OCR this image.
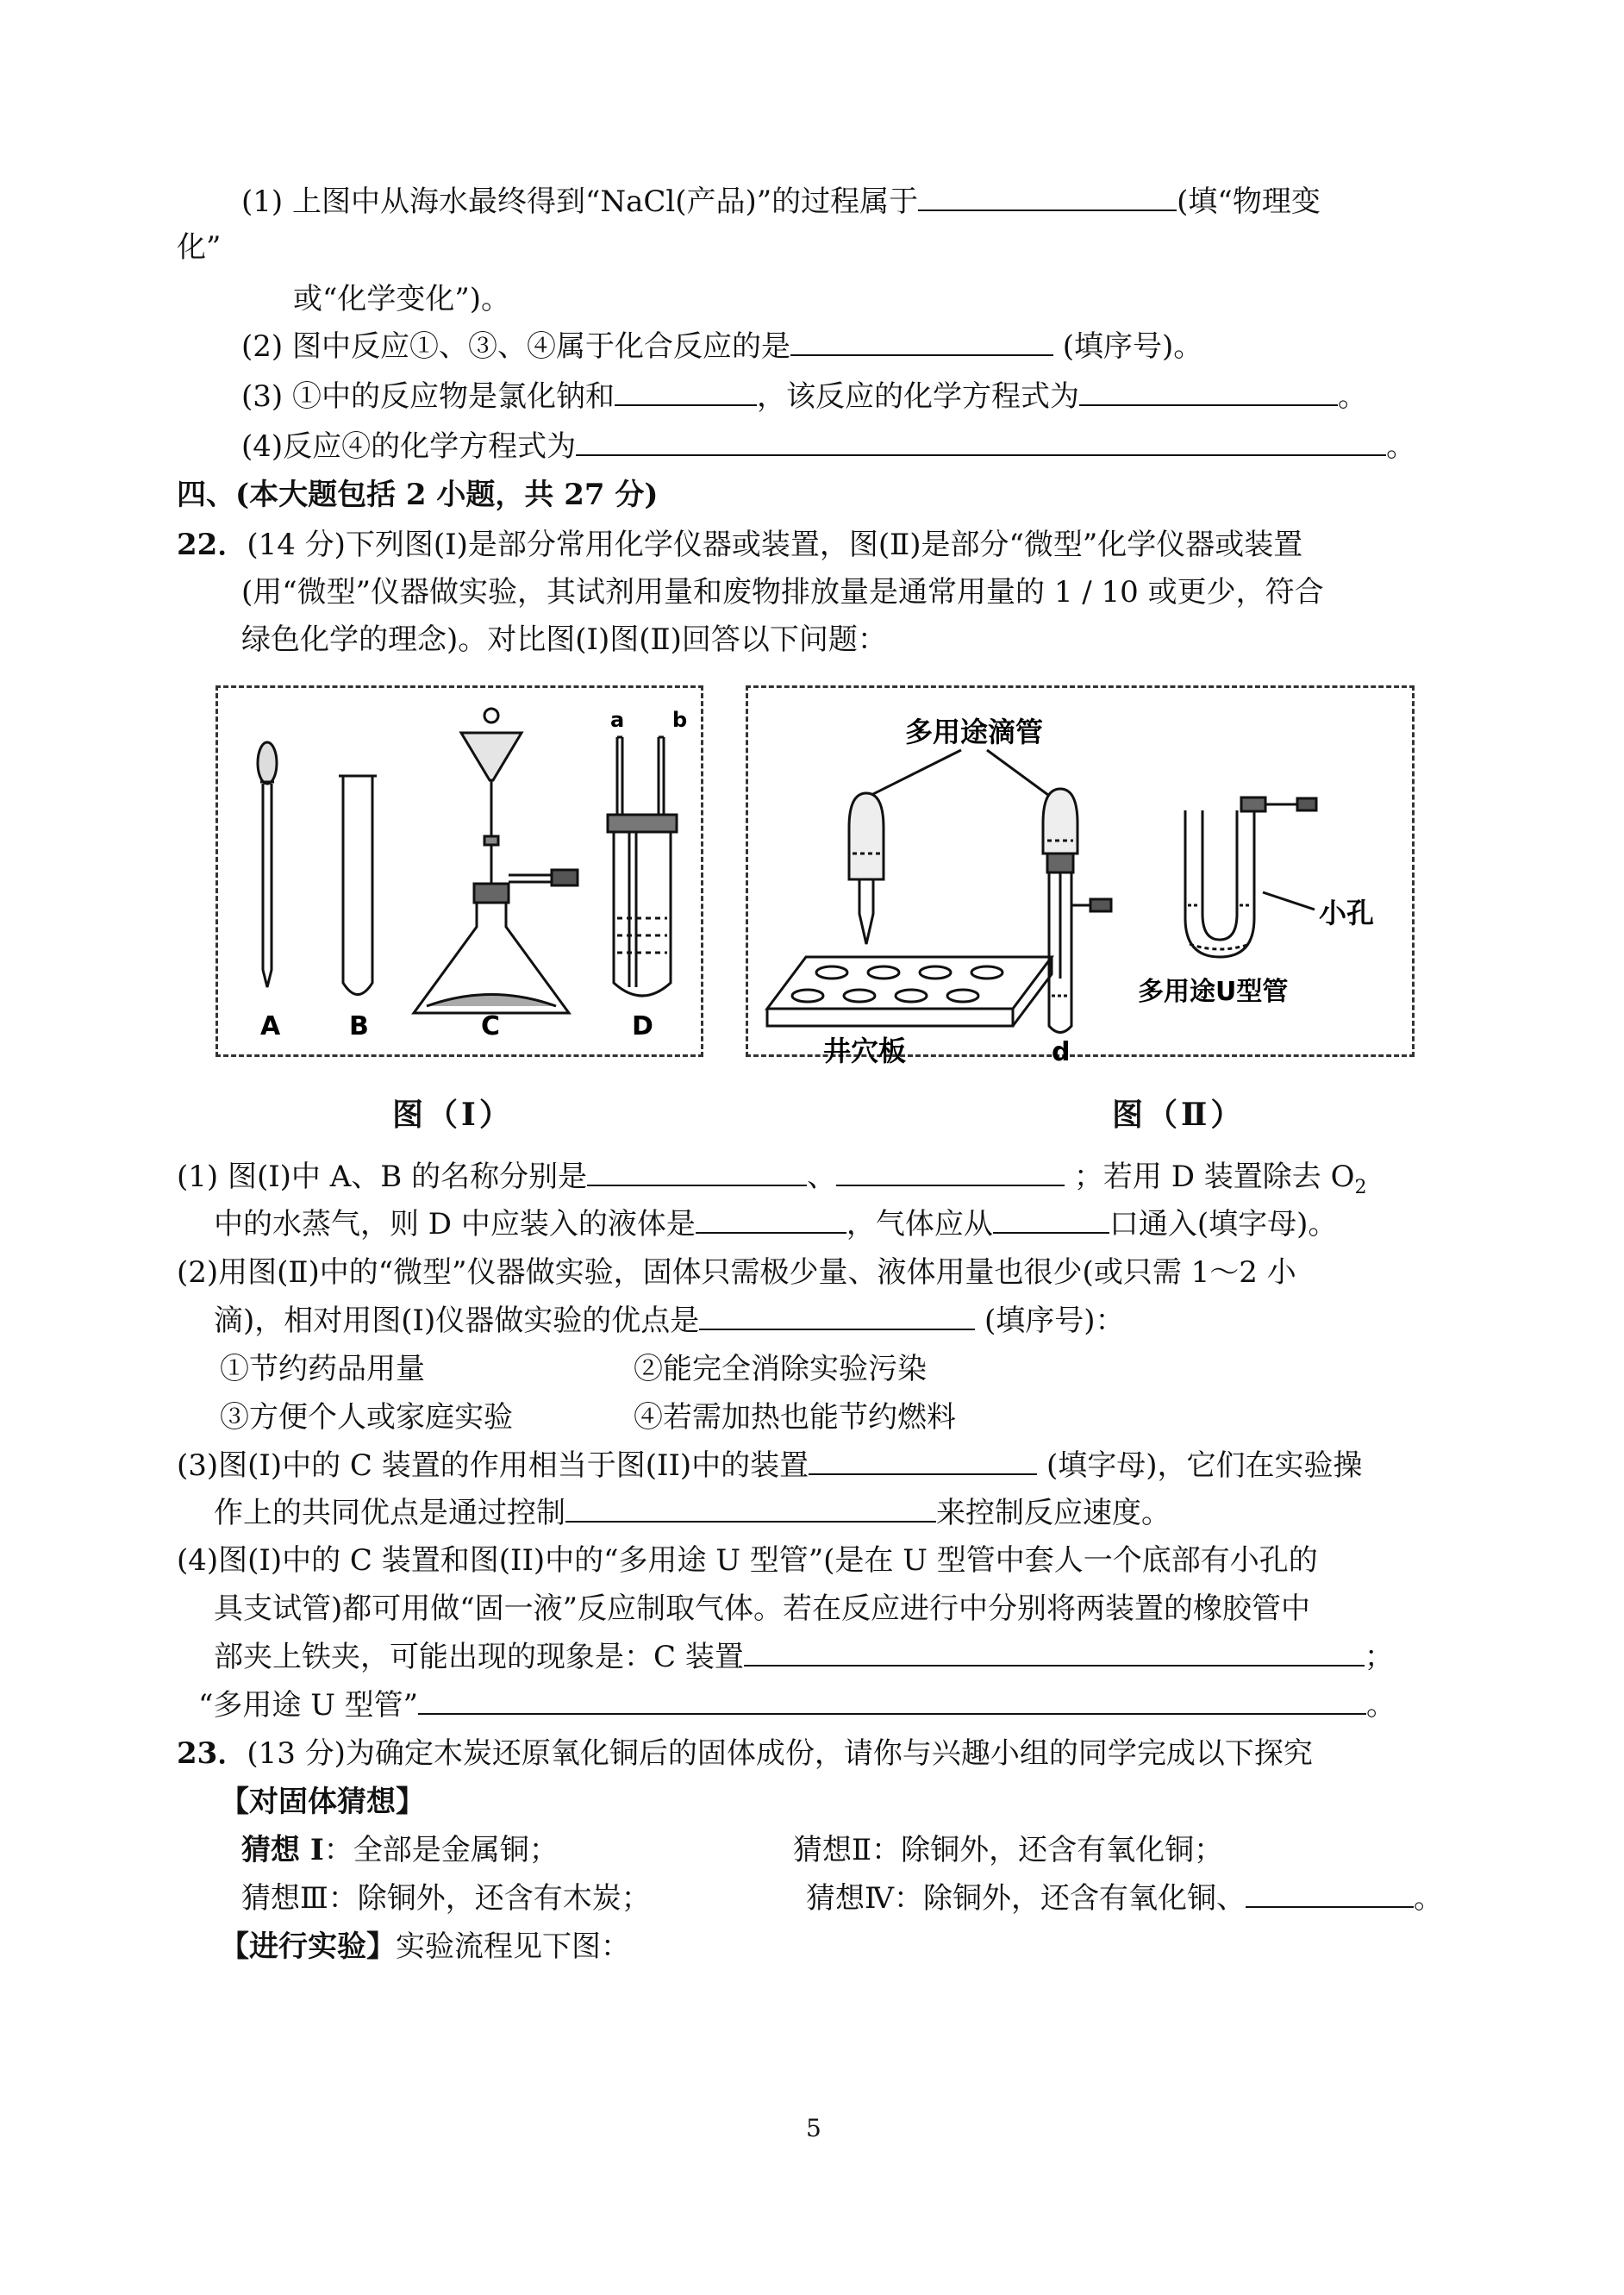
(1) 上图中从海水最终得到“NaCl(产品)”的过程属于	(填“物理变
化”
或“化学变化”)。
(2) 图中反应①、③、④属于化合反应的是	(填序号)。
(3) ①中的反应物是氯化钠和	，该反应的化学方程式为	。
(4)反应④的化学方程式为	。
四、(本大题包括 2 小题，共 27 分)
22．(14 分)下列图(Ⅰ)是部分常用化学仪器或装置，图(Ⅱ)是部分“微型”化学仪器或装置
(用“微型”仪器做实验，其试剂用量和废物排放量是通常用量的 1 / 10 或更少，符合
绿色化学的理念)。对比图(I)图(Ⅱ)回答以下问题：
A	B	C
a b
D
图（Ⅰ）
多用途滴管
小孔
多用途U型管
井穴板	d
图（Ⅱ）
(1) 图(Ⅰ)中 A、B 的名称分别是	、	；若用 D 装置除去 $O_2$
中的水蒸气，则 D 中应装入的液体是	，气体应从	口通入(填字母)。
(2)用图(Ⅱ)中的“微型”仪器做实验，固体只需极少量、液体用量也很少(或只需 1～2 小
滴)，相对用图(I)仪器做实验的优点是	(填序号)：
①节约药品用量	②能完全消除实验污染
③方便个人或家庭实验	④若需加热也能节约燃料
(3)图(Ⅰ)中的 C 装置的作用相当于图(II)中的装置	(填字母)，它们在实验操
作上的共同优点是通过控制	来控制反应速度。
(4)图(Ⅰ)中的 C 装置和图(II)中的“多用途 U 型管”(是在 U 型管中套人一个底部有小孔的
具支试管)都可用做“固一液”反应制取气体。若在反应进行中分别将两装置的橡胶管中
部夹上铁夹，可能出现的现象是：C 装置	；
“多用途 U 型管”	。
23．(13 分)为确定木炭还原氧化铜后的固体成份，请你与兴趣小组的同学完成以下探究
【对固体猜想】
猜想 I：全部是金属铜；	猜想Ⅱ：除铜外，还含有氧化铜；
猜想Ⅲ：除铜外，还含有木炭；	猜想Ⅳ：除铜外，还含有氧化铜、	。
【进行实验】实验流程见下图：
5
